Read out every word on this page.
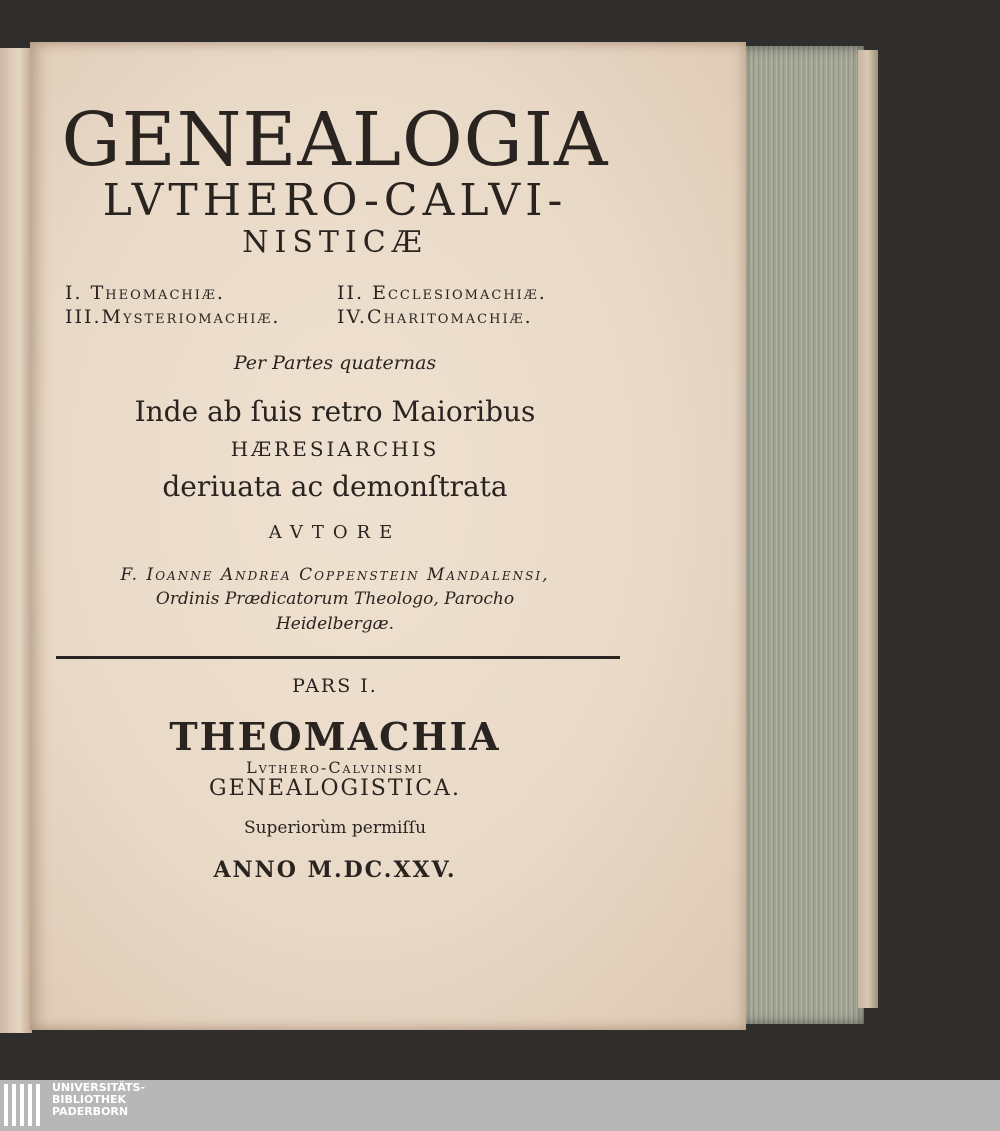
GENEALOGIA
LVTHERO-CALVI-
NISTICÆ
I. Theomachiæ.	II. Ecclesiomachiæ.
III.Mysteriomachiæ.	IV.Charitomachiæ.
Per Partes quaternas
Inde ab ſuis retro Maioribus
HÆRESIARCHIS
deriuata ac demonſtrata
AVTORE
F. Ioanne Andrea Coppenstein Mandalensi,
Ordinis Prædicatorum Theologo, Parocho
Heidelbergæ.
PARS I.
THEOMACHIA
Lvthero-Calvinismi
GENEALOGISTICA.
Superiorùm permiſſu
ANNO M.DC.XXV.
UNIVERSITÄTS-
BIBLIOTHEK
PADERBORN
